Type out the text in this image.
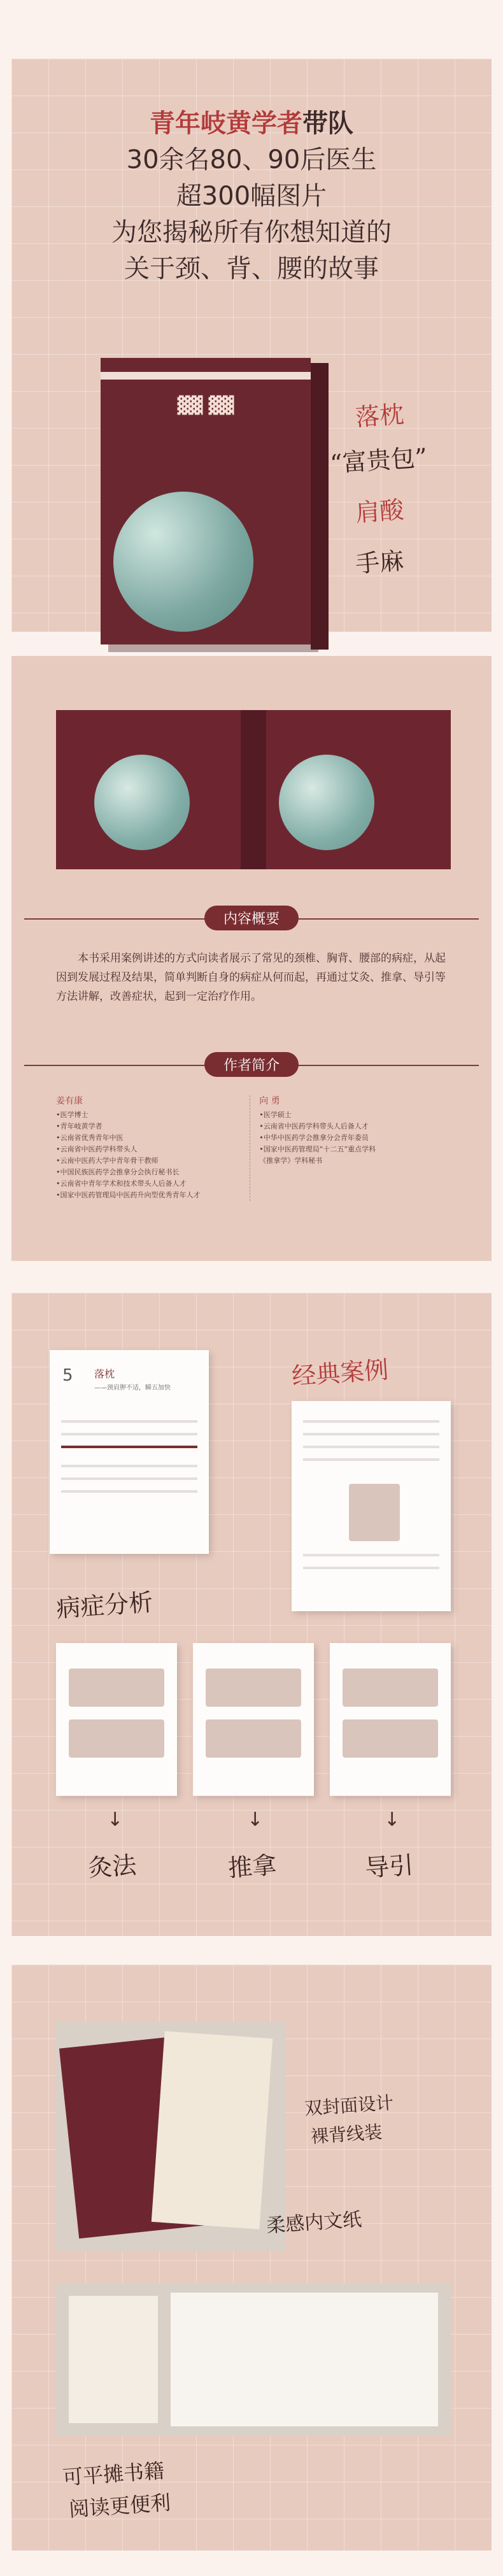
青年岐黄学者带队
30余名80、90后医生
超300幅图片
为您揭秘所有你想知道的
关于颈、背、腰的故事
▓▓ ▓▓	落枕
“富贵包”
肩酸
手麻
内容概要
本书采用案例讲述的方式向读者展示了常见的颈椎、胸背、腰部的病症，从起因到发展过程及结果，简单判断自身的病症从何而起，再通过艾灸、推拿、导引等方法讲解，改善症状，起到一定治疗作用。
作者简介
姜有康
•医学博士
•青年岐黄学者
•云南省优秀青年中医
•云南省中医药学科带头人
•云南中医药大学中青年骨干教师
•中国民族医药学会推拿分会执行秘书长
•云南省中青年学术和技术带头人后备人才
•国家中医药管理局中医药升向型优秀青年人才
向 勇
•医学硕士
•云南省中医药学科带头人后备人才
•中华中医药学会推拿分会青年委员
•国家中医药管理局“十二五”重点学科
《推拿学》学科秘书
5 落枕
——颈肩胛不适，瞬五加快	经典案例
病症分析
↓	↓	↓
灸法	推拿	导引
双封面设计
裸背线装
柔感内文纸
可平摊书籍
阅读更便利
